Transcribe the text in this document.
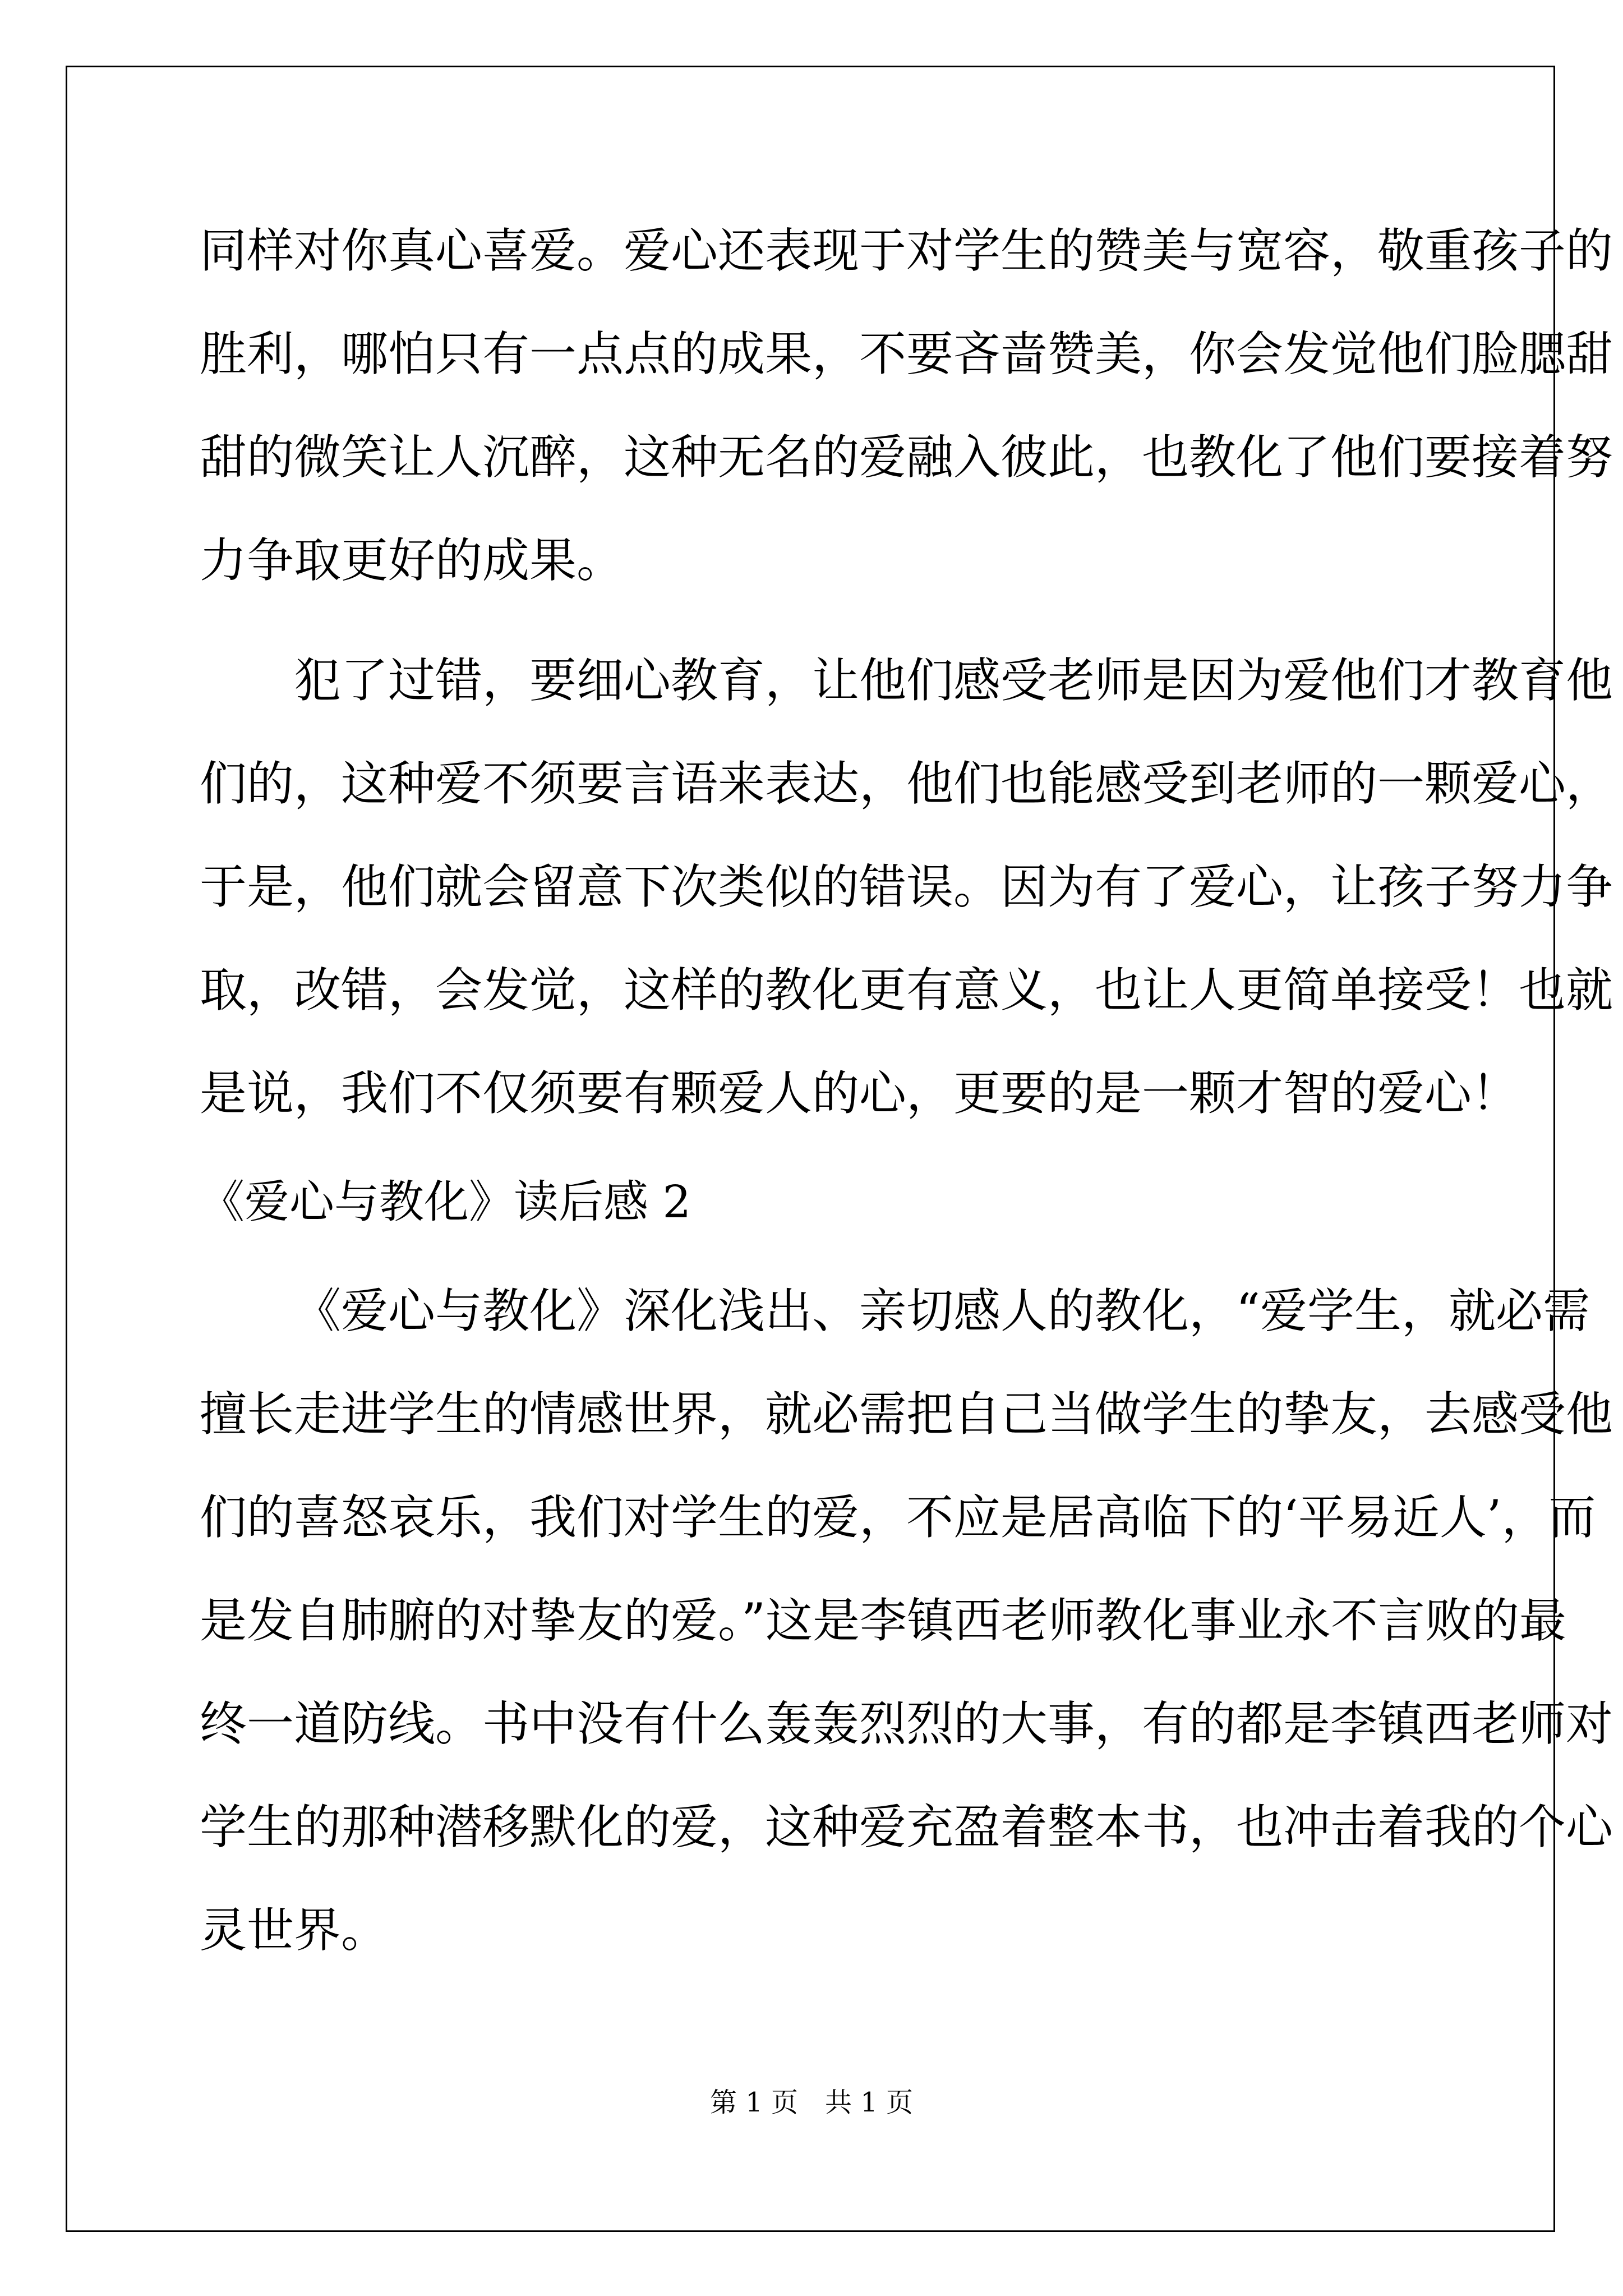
同样对你真心喜爱。爱心还表现于对学生的赞美与宽容，敬重孩子的
胜利，哪怕只有一点点的成果，不要吝啬赞美，你会发觉他们脸腮甜
甜的微笑让人沉醉，这种无名的爱融入彼此，也教化了他们要接着努
力争取更好的成果。
犯了过错，要细心教育，让他们感受老师是因为爱他们才教育他
们的，这种爱不须要言语来表达，他们也能感受到老师的一颗爱心，
于是，他们就会留意下次类似的错误。因为有了爱心，让孩子努力争
取，改错，会发觉，这样的教化更有意义，也让人更简单接受！也就
是说，我们不仅须要有颗爱人的心，更要的是一颗才智的爱心！
《爱心与教化》读后感 2
《爱心与教化》深化浅出、亲切感人的教化，“爱学生，就必需
擅长走进学生的情感世界，就必需把自己当做学生的挚友，去感受他
们的喜怒哀乐，我们对学生的爱，不应是居高临下的‘平易近人’，而
是发自肺腑的对挚友的爱。”这是李镇西老师教化事业永不言败的最
终一道防线。书中没有什么轰轰烈烈的大事，有的都是李镇西老师对
学生的那种潜移默化的爱，这种爱充盈着整本书，也冲击着我的个心
灵世界。
第 1 页 共 1 页
